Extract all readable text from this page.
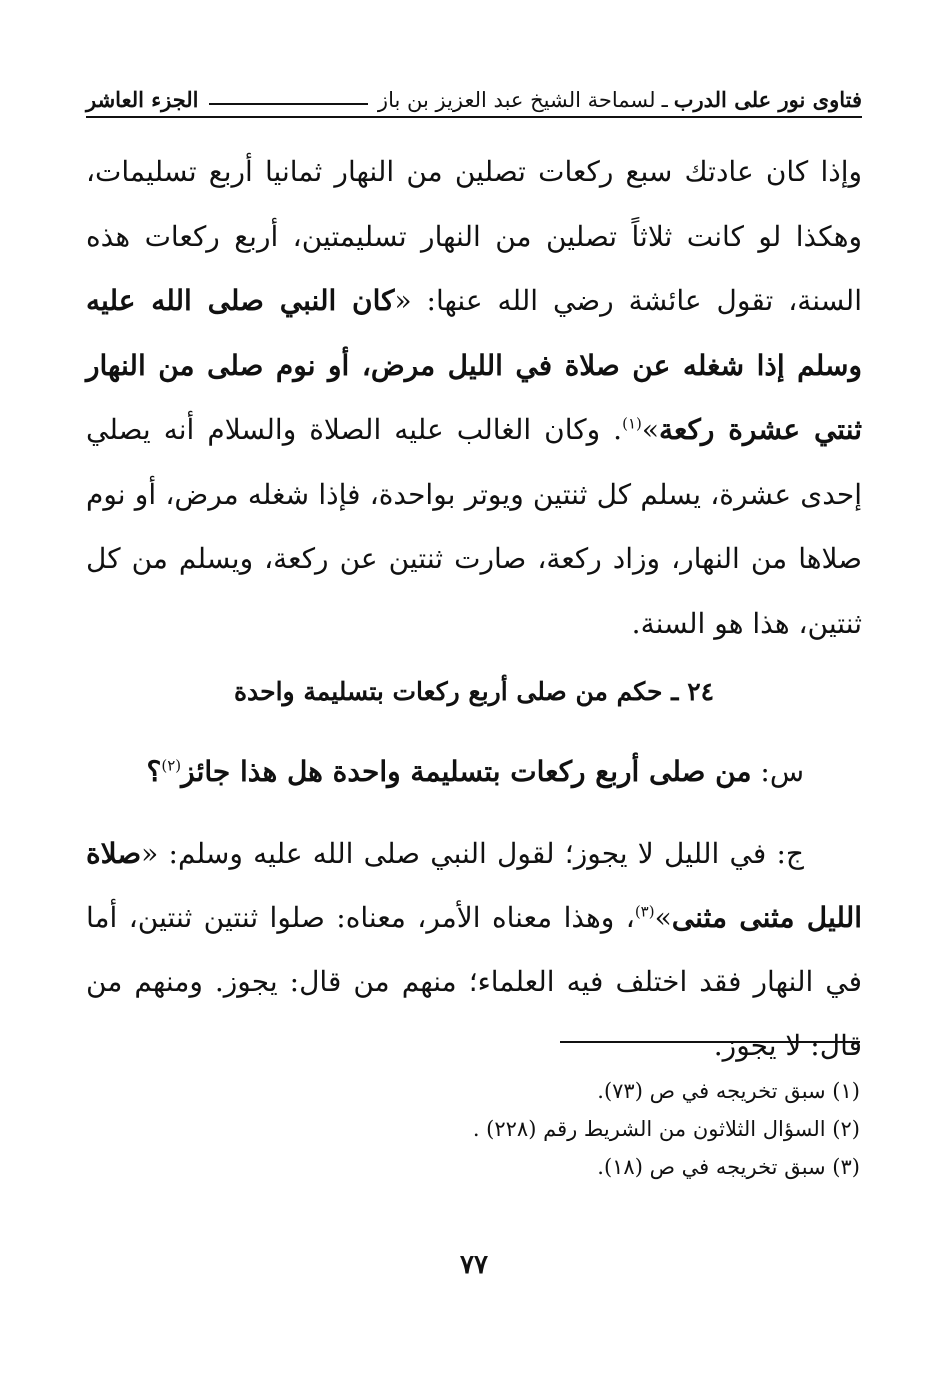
فتاوى نور على الدرب
ـ
لسماحة الشيخ عبد العزيز بن باز
الجزء العاشر

وإذا كان عادتك سبع ركعات تصلين من النهار ثمانيا أربع تسليمات، وهكذا لو كانت ثلاثاً تصلين من النهار تسليمتين، أربع ركعات هذه السنة، تقول عائشة رضي الله عنها: «كان النبي صلى الله عليه وسلم إذا شغله عن صلاة في الليل مرض، أو نوم صلى من النهار ثنتي عشرة ركعة»$^{(١)}$. وكان الغالب عليه الصلاة والسلام أنه يصلي إحدى عشرة، يسلم كل ثنتين ويوتر بواحدة، فإذا شغله مرض، أو نوم صلاها من النهار، وزاد ركعة، صارت ثنتين عن ركعة، ويسلم من كل ثنتين، هذا هو السنة.

٢٤ ـ حكم من صلى أربع ركعات بتسليمة واحدة
س: من صلى أربع ركعات بتسليمة واحدة هل هذا جائز$^{(٢)}$؟

ج: في الليل لا يجوز؛ لقول النبي صلى الله عليه وسلم: «صلاة الليل مثنى مثنى»$^{(٣)}$، وهذا معناه الأمر، معناه: صلوا ثنتين ثنتين، أما في النهار فقد اختلف فيه العلماء؛ منهم من قال: يجوز. ومنهم من قال: لا يجوز.

(١) سبق تخريجه في ص (٧٣).

(٢) السؤال الثلاثون من الشريط رقم (٢٢٨) .

(٣) سبق تخريجه في ص (١٨).

٧٧
